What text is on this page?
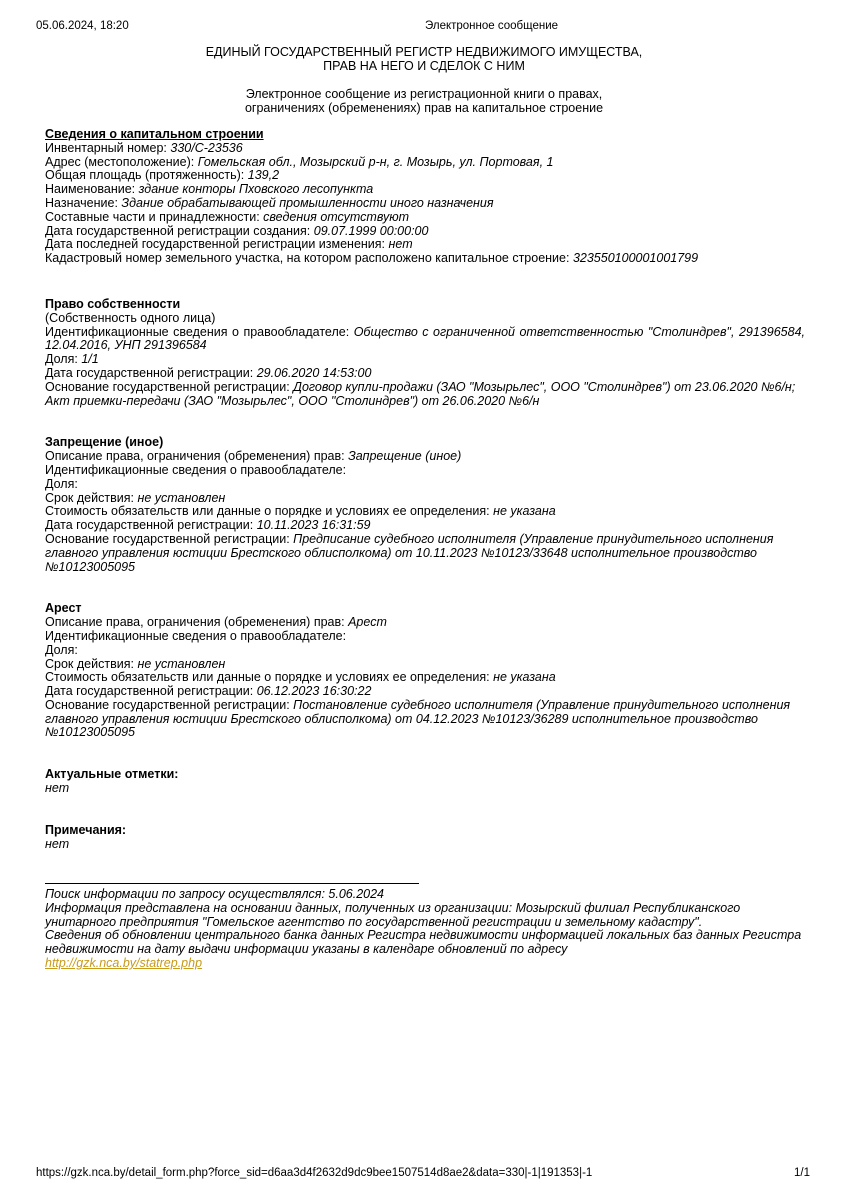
05.06.2024, 18:20	Электронное сообщение
ЕДИНЫЙ ГОСУДАРСТВЕННЫЙ РЕГИСТР НЕДВИЖИМОГО ИМУЩЕСТВА,
ПРАВ НА НЕГО И СДЕЛОК С НИМ
Электронное сообщение из регистрационной книги о правах,
ограничениях (обременениях) прав на капитальное строение
Сведения о капитальном строении
Инвентарный номер: 330/С-23536
Адрес (местоположение): Гомельская обл., Мозырский р-н, г. Мозырь, ул. Портовая, 1
Общая площадь (протяженность): 139,2
Наименование: здание конторы Пховского лесопункта
Назначение: Здание обрабатывающей промышленности иного назначения
Составные части и принадлежности: сведения отсутствуют
Дата государственной регистрации создания: 09.07.1999 00:00:00
Дата последней государственной регистрации изменения: нет
Кадастровый номер земельного участка, на котором расположено капитальное строение: 323550100001001799
Право собственности
(Собственность одного лица)
Идентификационные сведения о правообладателе: Общество с ограниченной ответственностью "Столиндрев", 291396584, 12.04.2016, УНП 291396584
Доля: 1/1
Дата государственной регистрации: 29.06.2020 14:53:00
Основание государственной регистрации: Договор купли-продажи (ЗАО "Мозырьлес", ООО "Столиндрев") от 23.06.2020 №6/н; Акт приемки-передачи (ЗАО "Мозырьлес", ООО "Столиндрев") от 26.06.2020 №6/н
Запрещение (иное)
Описание права, ограничения (обременения) прав: Запрещение (иное)
Идентификационные сведения о правообладателе:
Доля:
Срок действия: не установлен
Стоимость обязательств или данные о порядке и условиях ее определения: не указана
Дата государственной регистрации: 10.11.2023 16:31:59
Основание государственной регистрации: Предписание судебного исполнителя (Управление принудительного исполнения главного управления юстиции Брестского облисполкома) от 10.11.2023 №10123/33648 исполнительное производство №10123005095
Арест
Описание права, ограничения (обременения) прав: Арест
Идентификационные сведения о правообладателе:
Доля:
Срок действия: не установлен
Стоимость обязательств или данные о порядке и условиях ее определения: не указана
Дата государственной регистрации: 06.12.2023 16:30:22
Основание государственной регистрации: Постановление судебного исполнителя (Управление принудительного исполнения главного управления юстиции Брестского облисполкома) от 04.12.2023 №10123/36289 исполнительное производство №10123005095
Актуальные отметки:
нет
Примечания:
нет
Поиск информации по запросу осуществлялся: 5.06.2024
Информация представлена на основании данных, полученных из организации: Мозырский филиал Республиканского унитарного предприятия "Гомельское агентство по государственной регистрации и земельному кадастру".
Сведения об обновлении центрального банка данных Регистра недвижимости информацией локальных баз данных Регистра недвижимости на дату выдачи информации указаны в календаре обновлений по адресу
http://gzk.nca.by/statrep.php
https://gzk.nca.by/detail_form.php?force_sid=d6aa3d4f2632d9dc9bee1507514d8ae2&data=330|-1|191353|-1	1/1
